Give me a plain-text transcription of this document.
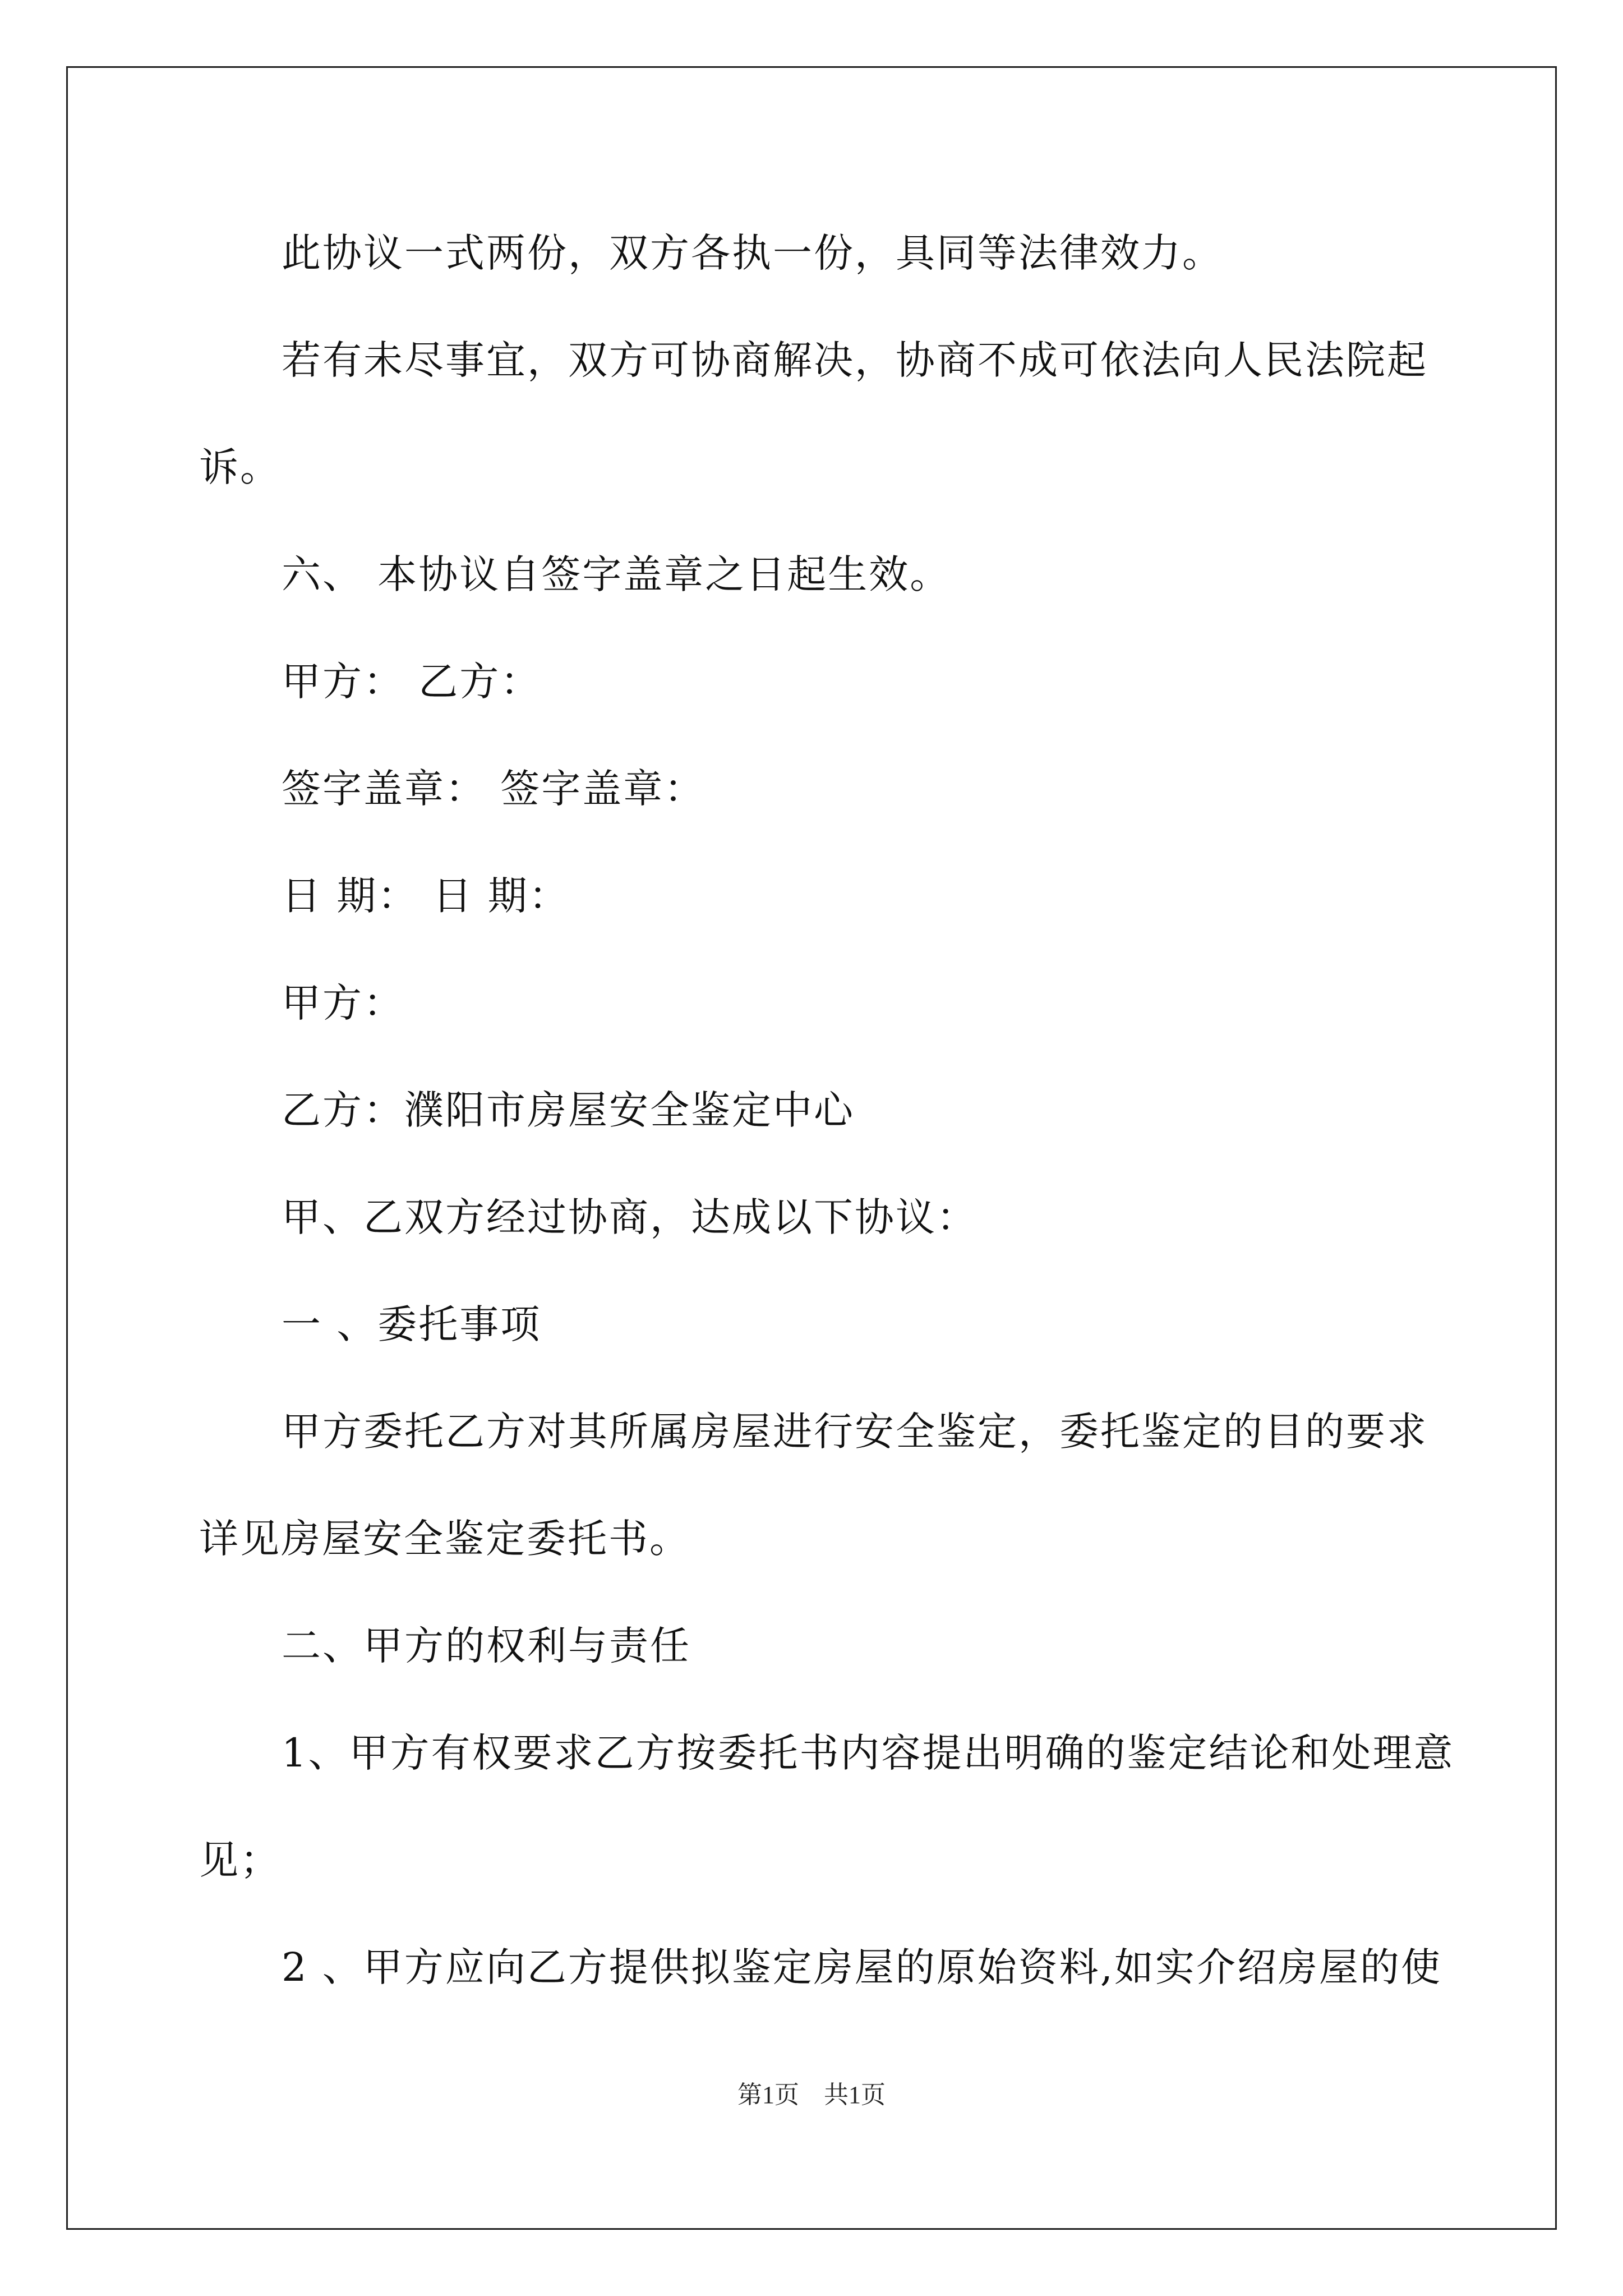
此协议一式两份，双方各执一份，具同等法律效力。
若有未尽事宜，双方可协商解决，协商不成可依法向人民法院起
诉。
六、 本协议自签字盖章之日起生效。
甲方： 乙方：
签字盖章： 签字盖章：
日 期： 日 期：
甲方：
乙方：濮阳市房屋安全鉴定中心
甲、乙双方经过协商，达成以下协议：
一 、委托事项
甲方委托乙方对其所属房屋进行安全鉴定，委托鉴定的目的要求
详见房屋安全鉴定委托书。
二、甲方的权利与责任
1、甲方有权要求乙方按委托书内容提出明确的鉴定结论和处理意
见；
2 、甲方应向乙方提供拟鉴定房屋的原始资料,如实介绍房屋的使
第1页　共1页
